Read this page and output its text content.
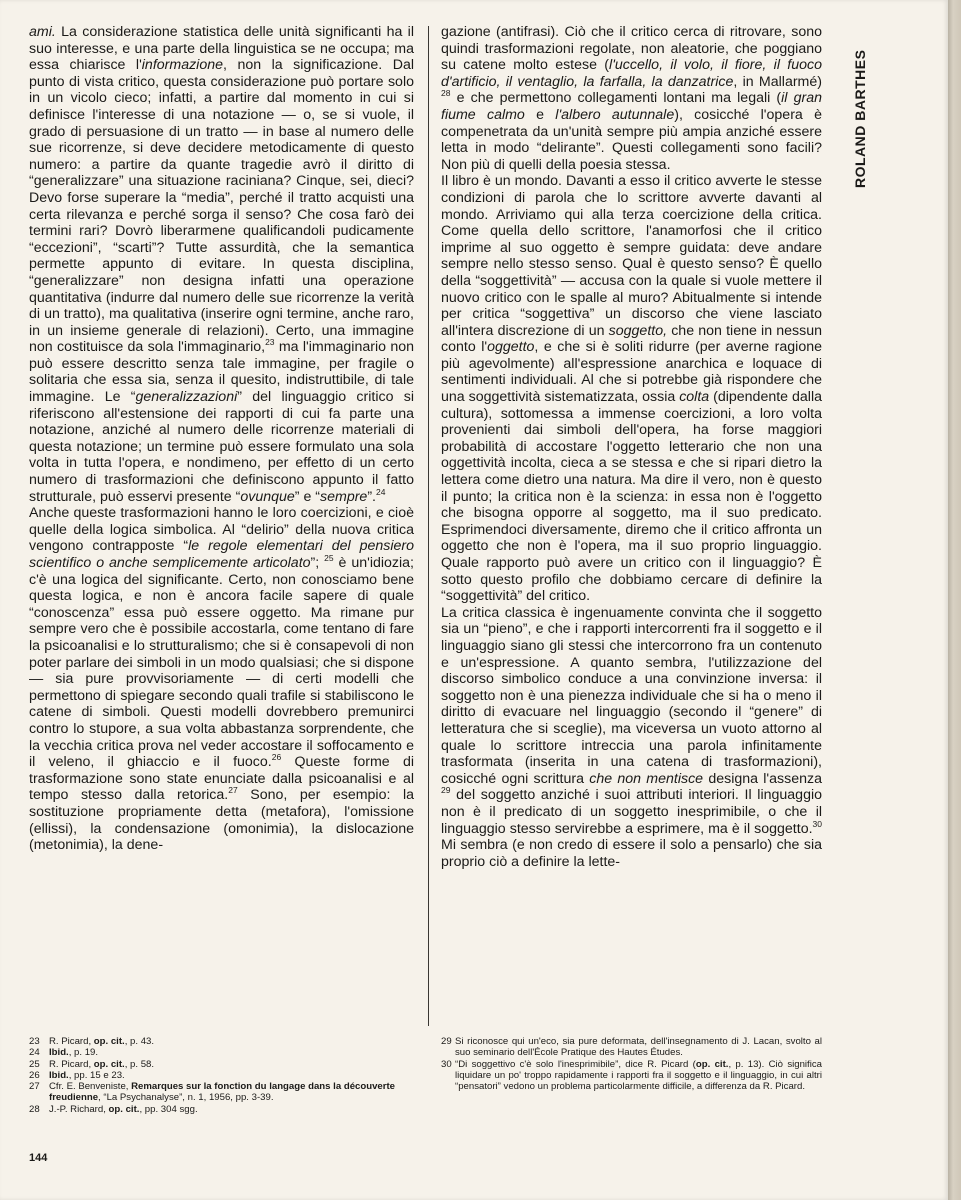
ami. La considerazione statistica delle unità significanti ha il suo interesse, e una parte della linguistica se ne occupa; ma essa chiarisce l'informazione, non la significazione. Dal punto di vista critico, questa considerazione può portare solo in un vicolo cieco; infatti, a partire dal momento in cui si definisce l'interesse di una notazione — o, se si vuole, il grado di persuasione di un tratto — in base al numero delle sue ricorrenze, si deve decidere metodicamente di questo numero: a partire da quante tragedie avrò il diritto di “generalizzare” una situazione raciniana? Cinque, sei, dieci? Devo forse superare la “media”, perché il tratto acquisti una certa rilevanza e perché sorga il senso? Che cosa farò dei termini rari? Dovrò liberarmene qualificandoli pudicamente “eccezioni”, “scarti”? Tutte assurdità, che la semantica permette appunto di evitare. In questa disciplina, “generalizzare” non designa infatti una operazione quantitativa (indurre dal numero delle sue ricorrenze la verità di un tratto), ma qualitativa (inserire ogni termine, anche raro, in un insieme generale di relazioni). Certo, una immagine non costituisce da sola l'immaginario,$^{23}$ ma l'immaginario non può essere descritto senza tale immagine, per fragile o solitaria che essa sia, senza il quesito, indistruttibile, di tale immagine. Le “generalizzazioni” del linguaggio critico si riferiscono all'estensione dei rapporti di cui fa parte una notazione, anziché al numero delle ricorrenze materiali di questa notazione; un termine può essere formulato una sola volta in tutta l'opera, e nondimeno, per effetto di un certo numero di trasformazioni che definiscono appunto il fatto strutturale, può esservi presente “ovunque” e “sempre”.$^{24}$

Anche queste trasformazioni hanno le loro coercizioni, e cioè quelle della logica simbolica. Al “delirio” della nuova critica vengono contrapposte “le regole elementari del pensiero scientifico o anche semplicemente articolato”; $^{25}$ è un'idiozia; c'è una logica del significante. Certo, non conosciamo bene questa logica, e non è ancora facile sapere di quale “conoscenza” essa può essere oggetto. Ma rimane pur sempre vero che è possibile accostarla, come tentano di fare la psicoanalisi e lo strutturalismo; che si è consapevoli di non poter parlare dei simboli in un modo qualsiasi; che si dispone — sia pure provvisoriamente — di certi modelli che permettono di spiegare secondo quali trafile si stabiliscono le catene di simboli. Questi modelli dovrebbero premunirci contro lo stupore, a sua volta abbastanza sorprendente, che la vecchia critica prova nel veder accostare il soffocamento e il veleno, il ghiaccio e il fuoco.$^{26}$ Queste forme di trasformazione sono state enunciate dalla psicoanalisi e al tempo stesso dalla retorica.$^{27}$ Sono, per esempio: la sostituzione propriamente detta (metafora), l'omissione (ellissi), la condensazione (omonimia), la dislocazione (metonimia), la dene-

gazione (antifrasi). Ciò che il critico cerca di ritrovare, sono quindi trasformazioni regolate, non aleatorie, che poggiano su catene molto estese (l'uccello, il volo, il fiore, il fuoco d'artificio, il ventaglio, la farfalla, la danzatrice, in Mallarmé) $^{28}$ e che permettono collegamenti lontani ma legali (il gran fiume calmo e l'albero autunnale), cosicché l'opera è compenetrata da un'unità sempre più ampia anziché essere letta in modo “delirante”. Questi collegamenti sono facili? Non più di quelli della poesia stessa.

Il libro è un mondo. Davanti a esso il critico avverte le stesse condizioni di parola che lo scrittore avverte davanti al mondo. Arriviamo qui alla terza coercizione della critica. Come quella dello scrittore, l'anamorfosi che il critico imprime al suo oggetto è sempre guidata: deve andare sempre nello stesso senso. Qual è questo senso? È quello della “soggettività” — accusa con la quale si vuole mettere il nuovo critico con le spalle al muro? Abitualmente si intende per critica “soggettiva” un discorso che viene lasciato all'intera discrezione di un soggetto, che non tiene in nessun conto l'oggetto, e che si è soliti ridurre (per averne ragione più agevolmente) all'espressione anarchica e loquace di sentimenti individuali. Al che si potrebbe già rispondere che una soggettività sistematizzata, ossia colta (dipendente dalla cultura), sottomessa a immense coercizioni, a loro volta provenienti dai simboli dell'opera, ha forse maggiori probabilità di accostare l'oggetto letterario che non una oggettività incolta, cieca a se stessa e che si ripari dietro la lettera come dietro una natura. Ma dire il vero, non è questo il punto; la critica non è la scienza: in essa non è l'oggetto che bisogna opporre al soggetto, ma il suo predicato. Esprimendoci diversamente, diremo che il critico affronta un oggetto che non è l'opera, ma il suo proprio linguaggio. Quale rapporto può avere un critico con il linguaggio? È sotto questo profilo che dobbiamo cercare di definire la “soggettività” del critico.

La critica classica è ingenuamente convinta che il soggetto sia un “pieno”, e che i rapporti intercorrenti fra il soggetto e il linguaggio siano gli stessi che intercorrono fra un contenuto e un'espressione. A quanto sembra, l'utilizzazione del discorso simbolico conduce a una convinzione inversa: il soggetto non è una pienezza individuale che si ha o meno il diritto di evacuare nel linguaggio (secondo il “genere” di letteratura che si sceglie), ma viceversa un vuoto attorno al quale lo scrittore intreccia una parola infinitamente trasformata (inserita in una catena di trasformazioni), cosicché ogni scrittura che non mentisce designa l'assenza $^{29}$ del soggetto anziché i suoi attributi interiori. Il linguaggio non è il predicato di un soggetto inesprimibile, o che il linguaggio stesso servirebbe a esprimere, ma è il soggetto.$^{30}$ Mi sembra (e non credo di essere il solo a pensarlo) che sia proprio ciò a definire la lette-

ROLAND BARTHES
23 R. Picard, op. cit., p. 43.
24 Ibid., p. 19.
25 R. Picard, op. cit., p. 58.
26 Ibid., pp. 15 e 23.
27 Cfr. E. Benveniste, Remarques sur la fonction du langage dans la découverte freudienne, “La Psychanalyse”, n. 1, 1956, pp. 3-39.
28 J.-P. Richard, op. cit., pp. 304 sgg.
29 Si riconosce qui un'eco, sia pure deformata, dell'insegnamento di J. Lacan, svolto al suo seminario dell'École Pratique des Hautes Études.
30 “Di soggettivo c'è solo l'inesprimibile”, dice R. Picard (op. cit., p. 13). Ciò significa liquidare un po' troppo rapidamente i rapporti fra il soggetto e il linguaggio, in cui altri “pensatori” vedono un problema particolarmente difficile, a differenza da R. Picard.
144
